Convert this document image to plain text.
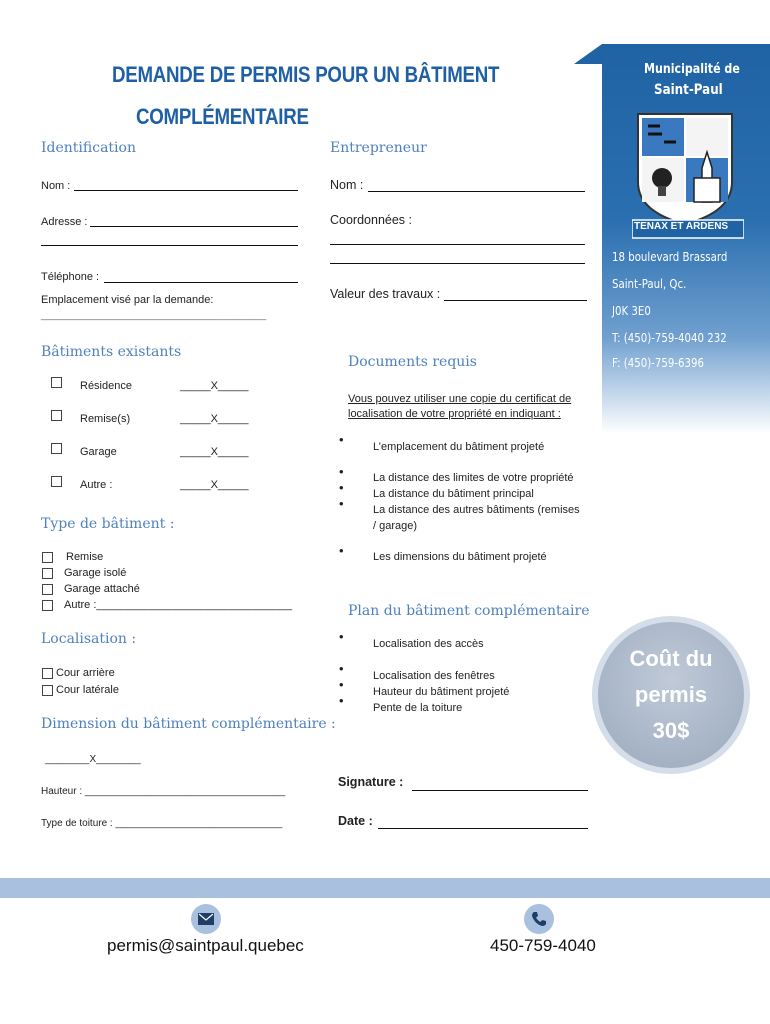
DEMANDE DE PERMIS POUR UN BÂTIMENT
COMPLÉMENTAIRE
Municipalité de
Saint-Paul
TENAX ET ARDENS
18 boulevard Brassard
Saint-Paul, Qc.
J0K 3E0
T: (450)-759-4040 232
F: (450)-759-6396
Identification
Nom :
Adresse :
Téléphone :
Emplacement visé par la demande:
_____________________________________________
Entrepreneur
Nom :
Coordonnées :
Valeur des travaux :
Bâtiments existants
Résidence	_____X_____
Remise(s)	_____X_____
Garage	_____X_____
Autre :	_____X_____
Type de bâtiment :
Remise
Garage isolé
Garage attaché
Autre :________________________________
Localisation :
Cour arrière
Cour latérale
Dimension du bâtiment complémentaire :
________X________
Hauteur : ____________________________________
Type de toiture : ______________________________
Documents requis
Vous pouvez utiliser une copie du certificat de
localisation de votre propriété en indiquant :
•	L’emplacement du bâtiment projeté
•
•
•
La distance des limites de votre propriété
La distance du bâtiment principal
La distance des autres bâtiments (remises
/ garage)
•	Les dimensions du bâtiment projeté
Plan du bâtiment complémentaire
•	Localisation des accès
•
•
•
Localisation des fenêtres
Hauteur du bâtiment projeté
Pente de la toiture
Coût du
permis
30$
Signature :
Date :
permis@saintpaul.quebec	450-759-4040
